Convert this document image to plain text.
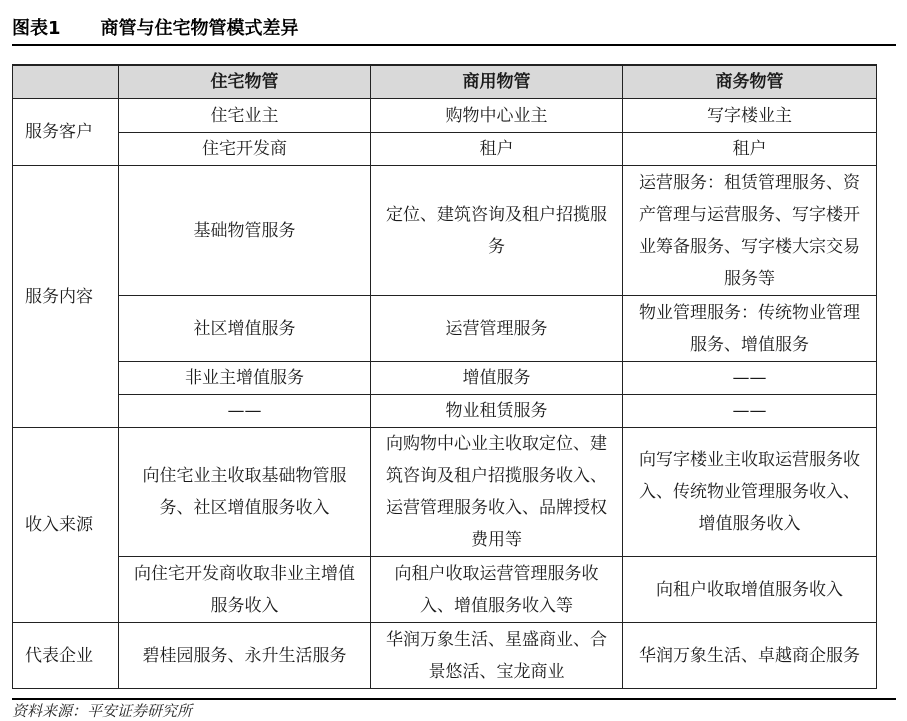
图表1 商管与住宅物管模式差异
	住宅物管	商用物管	商务物管
服务客户	住宅业主	购物中心业主	写字楼业主
	住宅开发商	租户	租户
服务内容	基础物管服务	定位、建筑咨询及租户招揽服务	运营服务：租赁管理服务、资产管理与运营服务、写字楼开业筹备服务、写字楼大宗交易服务等
	社区增值服务	运营管理服务	物业管理服务：传统物业管理服务、增值服务
	非业主增值服务	增值服务	——
	——	物业租赁服务	——
收入来源	向住宅业主收取基础物管服务、社区增值服务收入	向购物中心业主收取定位、建筑咨询及租户招揽服务收入、运营管理服务收入、品牌授权费用等	向写字楼业主收取运营服务收入、传统物业管理服务收入、增值服务收入
	向住宅开发商收取非业主增值服务收入	向租户收取运营管理服务收入、增值服务收入等	向租户收取增值服务收入
代表企业	碧桂园服务、永升生活服务	华润万象生活、星盛商业、合景悠活、宝龙商业	华润万象生活、卓越商企服务
资料来源：平安证券研究所
